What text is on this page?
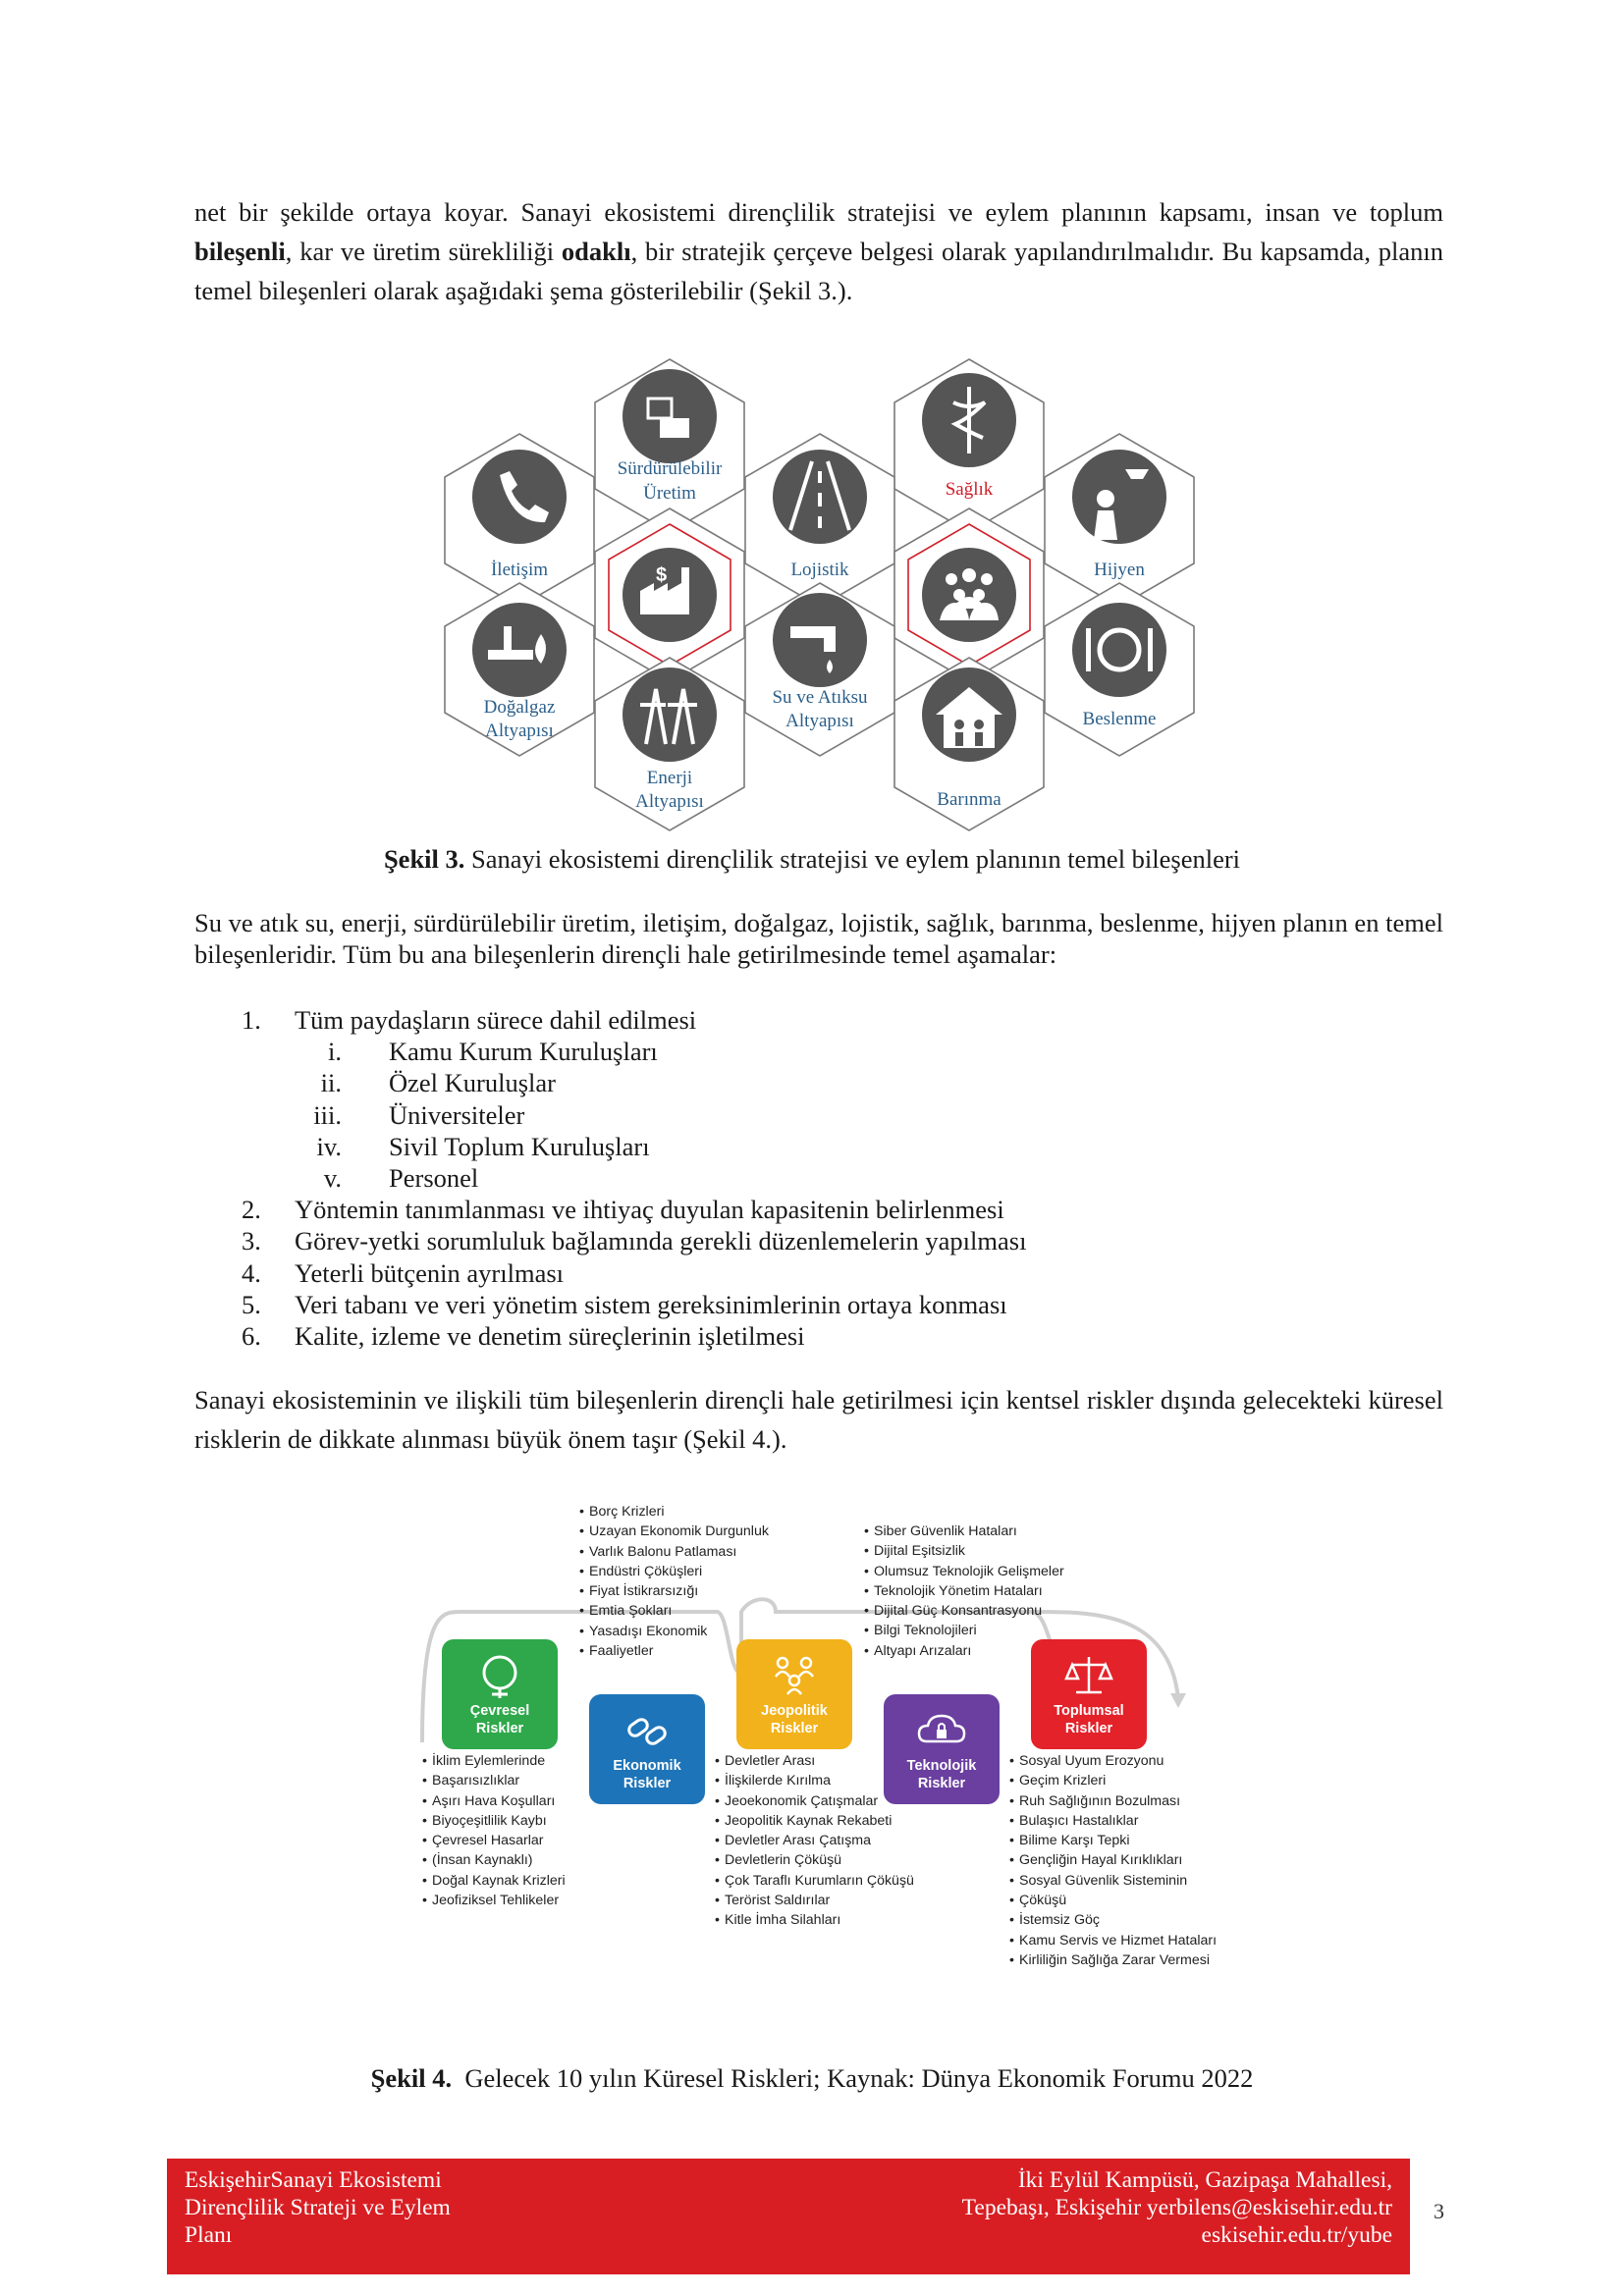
net bir şekilde ortaya koyar. Sanayi ekosistemi dirençlilik stratejisi ve eylem planının kapsamı, insan ve toplum bileşenli, kar ve üretim sürekliliği odaklı, bir stratejik çerçeve belgesi olarak yapılandırılmalıdır. Bu kapsamda, planın temel bileşenleri olarak aşağıdaki şema gösterilebilir (Şekil 3.).

Sürdürülebilir
Üretim	Sağlık
İletişim	Lojistik	Hijyen
$
Doğalgaz
Altyapısı
Su ve Atıksu
Altyapısı	Beslenme
Enerji
Altyapısı	Barınma
Şekil 3. Sanayi ekosistemi dirençlilik stratejisi ve eylem planının temel bileşenleri

Su ve atık su, enerji, sürdürülebilir üretim, iletişim, doğalgaz, lojistik, sağlık, barınma, beslenme, hijyen planın en temel bileşenleridir. Tüm bu ana bileşenlerin dirençli hale getirilmesinde temel aşamalar:

1.	Tüm paydaşların sürece dahil edilmesi
i. Kamu Kurum Kuruluşları
ii. Özel Kuruluşlar
iii. Üniversiteler
iv. Sivil Toplum Kuruluşları
v. Personel
2.	Yöntemin tanımlanması ve ihtiyaç duyulan kapasitenin belirlenmesi
3.	Görev-yetki sorumluluk bağlamında gerekli düzenlemelerin yapılması
4.	Yeterli bütçenin ayrılması
5.	Veri tabanı ve veri yönetim sistem gereksinimlerinin ortaya konması
6.	Kalite, izleme ve denetim süreçlerinin işletilmesi

Sanayi ekosisteminin ve ilişkili tüm bileşenlerin dirençli hale getirilmesi için kentsel riskler dışında gelecekteki küresel risklerin de dikkate alınması büyük önem taşır (Şekil 4.).

• Borç Krizleri
• Uzayan Ekonomik Durgunluk
• Varlık Balonu Patlaması
• Endüstri Çöküşleri
• Fiyat İstikrarsızığı
• Emtia Şokları
• Yasadışı Ekonomik
• Faaliyetler
• Siber Güvenlik Hataları
• Dijital Eşitsizlik
• Olumsuz Teknolojik Gelişmeler
• Teknolojik Yönetim Hataları
• Dijital Güç Konsantrasyonu
• Bilgi Teknolojileri
• Altyapı Arızaları
Çevresel
Riskler
Ekonomik
Riskler
Jeopolitik
Riskler
Teknolojik
Riskler
Toplumsal
Riskler
• İklim Eylemlerinde
• Başarısızlıklar
• Aşırı Hava Koşulları
• Biyoçeşitlilik Kaybı
• Çevresel Hasarlar
• (İnsan Kaynaklı)
• Doğal Kaynak Krizleri
• Jeofiziksel Tehlikeler
• Devletler Arası
• İlişkilerde Kırılma
• Jeoekonomik Çatışmalar
• Jeopolitik Kaynak Rekabeti
• Devletler Arası Çatışma
• Devletlerin Çöküşü
• Çok Taraflı Kurumların Çöküşü
• Terörist Saldırılar
• Kitle İmha Silahları
• Sosyal Uyum Erozyonu
• Geçim Krizleri
• Ruh Sağlığının Bozulması
• Bulaşıcı Hastalıklar
• Bilime Karşı Tepki
• Gençliğin Hayal Kırıklıkları
• Sosyal Güvenlik Sisteminin
• Çöküşü
• İstemsiz Göç
• Kamu Servis ve Hizmet Hataları
• Kirliliğin Sağlığa Zarar Vermesi
Şekil 4.  Gelecek 10 yılın Küresel Riskleri; Kaynak: Dünya Ekonomik Forumu 2022
EskişehirSanayi Ekosistemi
Dirençlilik Strateji ve Eylem
Planı
İki Eylül Kampüsü, Gazipaşa Mahallesi,
Tepebaşı, Eskişehir yerbilens@eskisehir.edu.tr
eskisehir.edu.tr/yube
3
